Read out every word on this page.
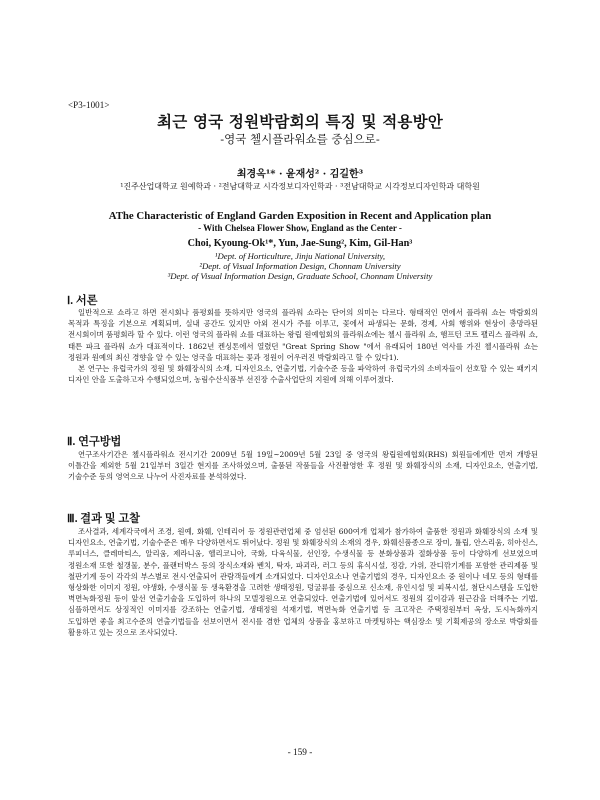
<P3-1001>
최근 영국 정원박람회의 특징 및 적용방안
-영국 첼시플라워쇼를 중심으로-
최경옥¹* · 윤재성² · 김길한³
¹진주산업대학교 원예학과 · ²전남대학교 시각정보디자인학과 · ³전남대학교 시각정보디자인학과 대학원
AThe Characteristic of England Garden Exposition in Recent and Application plan
- With Chelsea Flower Show, England as the Center -
Choi, Kyoung-Ok¹*, Yun, Jae-Sung², Kim, Gil-Han³
¹Dept. of Horticulture, Jinju National University,
²Dept. of Visual Information Design, Chonnam University
³Dept. of Visual Information Design, Graduate School, Chonnam University
Ⅰ. 서론

일반적으로 쇼라고 하면 전시회나 품평회를 뜻하지만 영국의 플라워 쇼라는 단어의 의미는 다르다. 형태적인 면에서 플라워 쇼는 박람회의 목적과 특징을 기본으로 계획되며, 실내 공간도 있지만 아외 전시가 주를 이루고, 꽃에서 파생되는 문화, 경제, 사회 행위와 현상이 총망라된 전시회이며 품평회라 할 수 있다. 이런 영국의 플라워 쇼를 대표하는 왕립 원예협회의 플라워쇼에는 첼시 플라워 쇼, 햄프턴 코트 팰리스 플라워 쇼, 태튼 파크 플라워 쇼가 대표적이다. 1862년 켄싱톤에서 열렸던 "Great Spring Show "에서 유래되어 180년 역사를 가진 첼시플라워 쇼는 정원과 원예의 최신 경향을 알 수 있는 영국을 대표하는 꽃과 정원이 어우러진 박람회라고 할 수 있다1).

본 연구는 유럽국가의 정원 및 화훼장식의 소재, 디자인요소, 연출기법, 기술수준 등을 파악하여 유럽국가의 소비자들이 선호할 수 있는 패키지 디자인 안을 도출하고자 수행되었으며, 농림수산식품부 선진장 수출사업단의 지원에 의해 이루어졌다.

Ⅱ. 연구방법

연구조사기간은 첼시플라워쇼 전시기간 2009년 5월 19일~2009년 5월 23일 중 영국의 왕립원예협회(RHS) 회원들에게만 먼저 개방된 이틀간을 제외한 5월 21일부터 3일간 현지를 조사하였으며, 출품된 작품들을 사진촬영한 후 정원 및 화훼장식의 소재, 디자인요소, 연출기법, 기술수준 등의 영역으로 나누어 사진자료를 분석하였다.

Ⅲ. 결과 및 고찰

조사결과, 세계각국에서 조경, 원예, 화훼, 인테리어 등 정원관련업체 중 엄선된 600여개 업체가 참가하여 출품한 정원과 화훼장식의 소재 및 디자인요소, 연출기법, 기술수준은 매우 다양하면서도 뛰어났다. 정원 및 화훼장식의 소재의 경우, 화훼신품종으로 장미, 튤립, 안스리움, 히아신스, 루피너스, 클레마티스, 알리움, 제라니움, 헬리코니아, 국화, 다육식물, 선인장, 수생식물 등 분화상품과 절화상품 등이 다양하게 선보였으며 정원소재 또한 철갱물, 분수, 플랜터박스 등의 장식소재와 벤치, 탁자, 파괴라, 러그 등의 휴식시설, 정감, 가위, 잔디깎기계를 포함한 관리제품 및 철판기계 등이 각각의 부스별로 전시·연출되어 관람객들에게 소개되었다. 디자인요소나 연출기법의 경우, 디자인요소 중 원이나 네모 등의 형태를 형상화한 이미지 정원, 야생화, 수생식물 등 생육환경을 고려한 생태정원, 덩굴류를 중심으로 신소재, 유인시설 및 피복시설, 첨단시스템을 도입한 벽면녹화정원 등이 앞선 연출기술을 도입하여 하나의 모델정원으로 연출되었다. 연출기법에 있어서도 정원의 깊이감과 원근감을 더해주는 기법, 심플하면서도 상징적인 이미지를 강조하는 연출기법, 생태정원 석재기법, 벽면녹화 연출기법 등 크고작은 주택정원부터 옥상, 도시녹화까지 도입하면 좋을 최고수준의 연출기법들을 선보이면서 전시를 겸한 업체의 상품을 홍보하고 마켓팅하는 핵심장소 및 기획제공의 장소로 박람회를 활용하고 있는 것으로 조사되었다.

- 159 -
